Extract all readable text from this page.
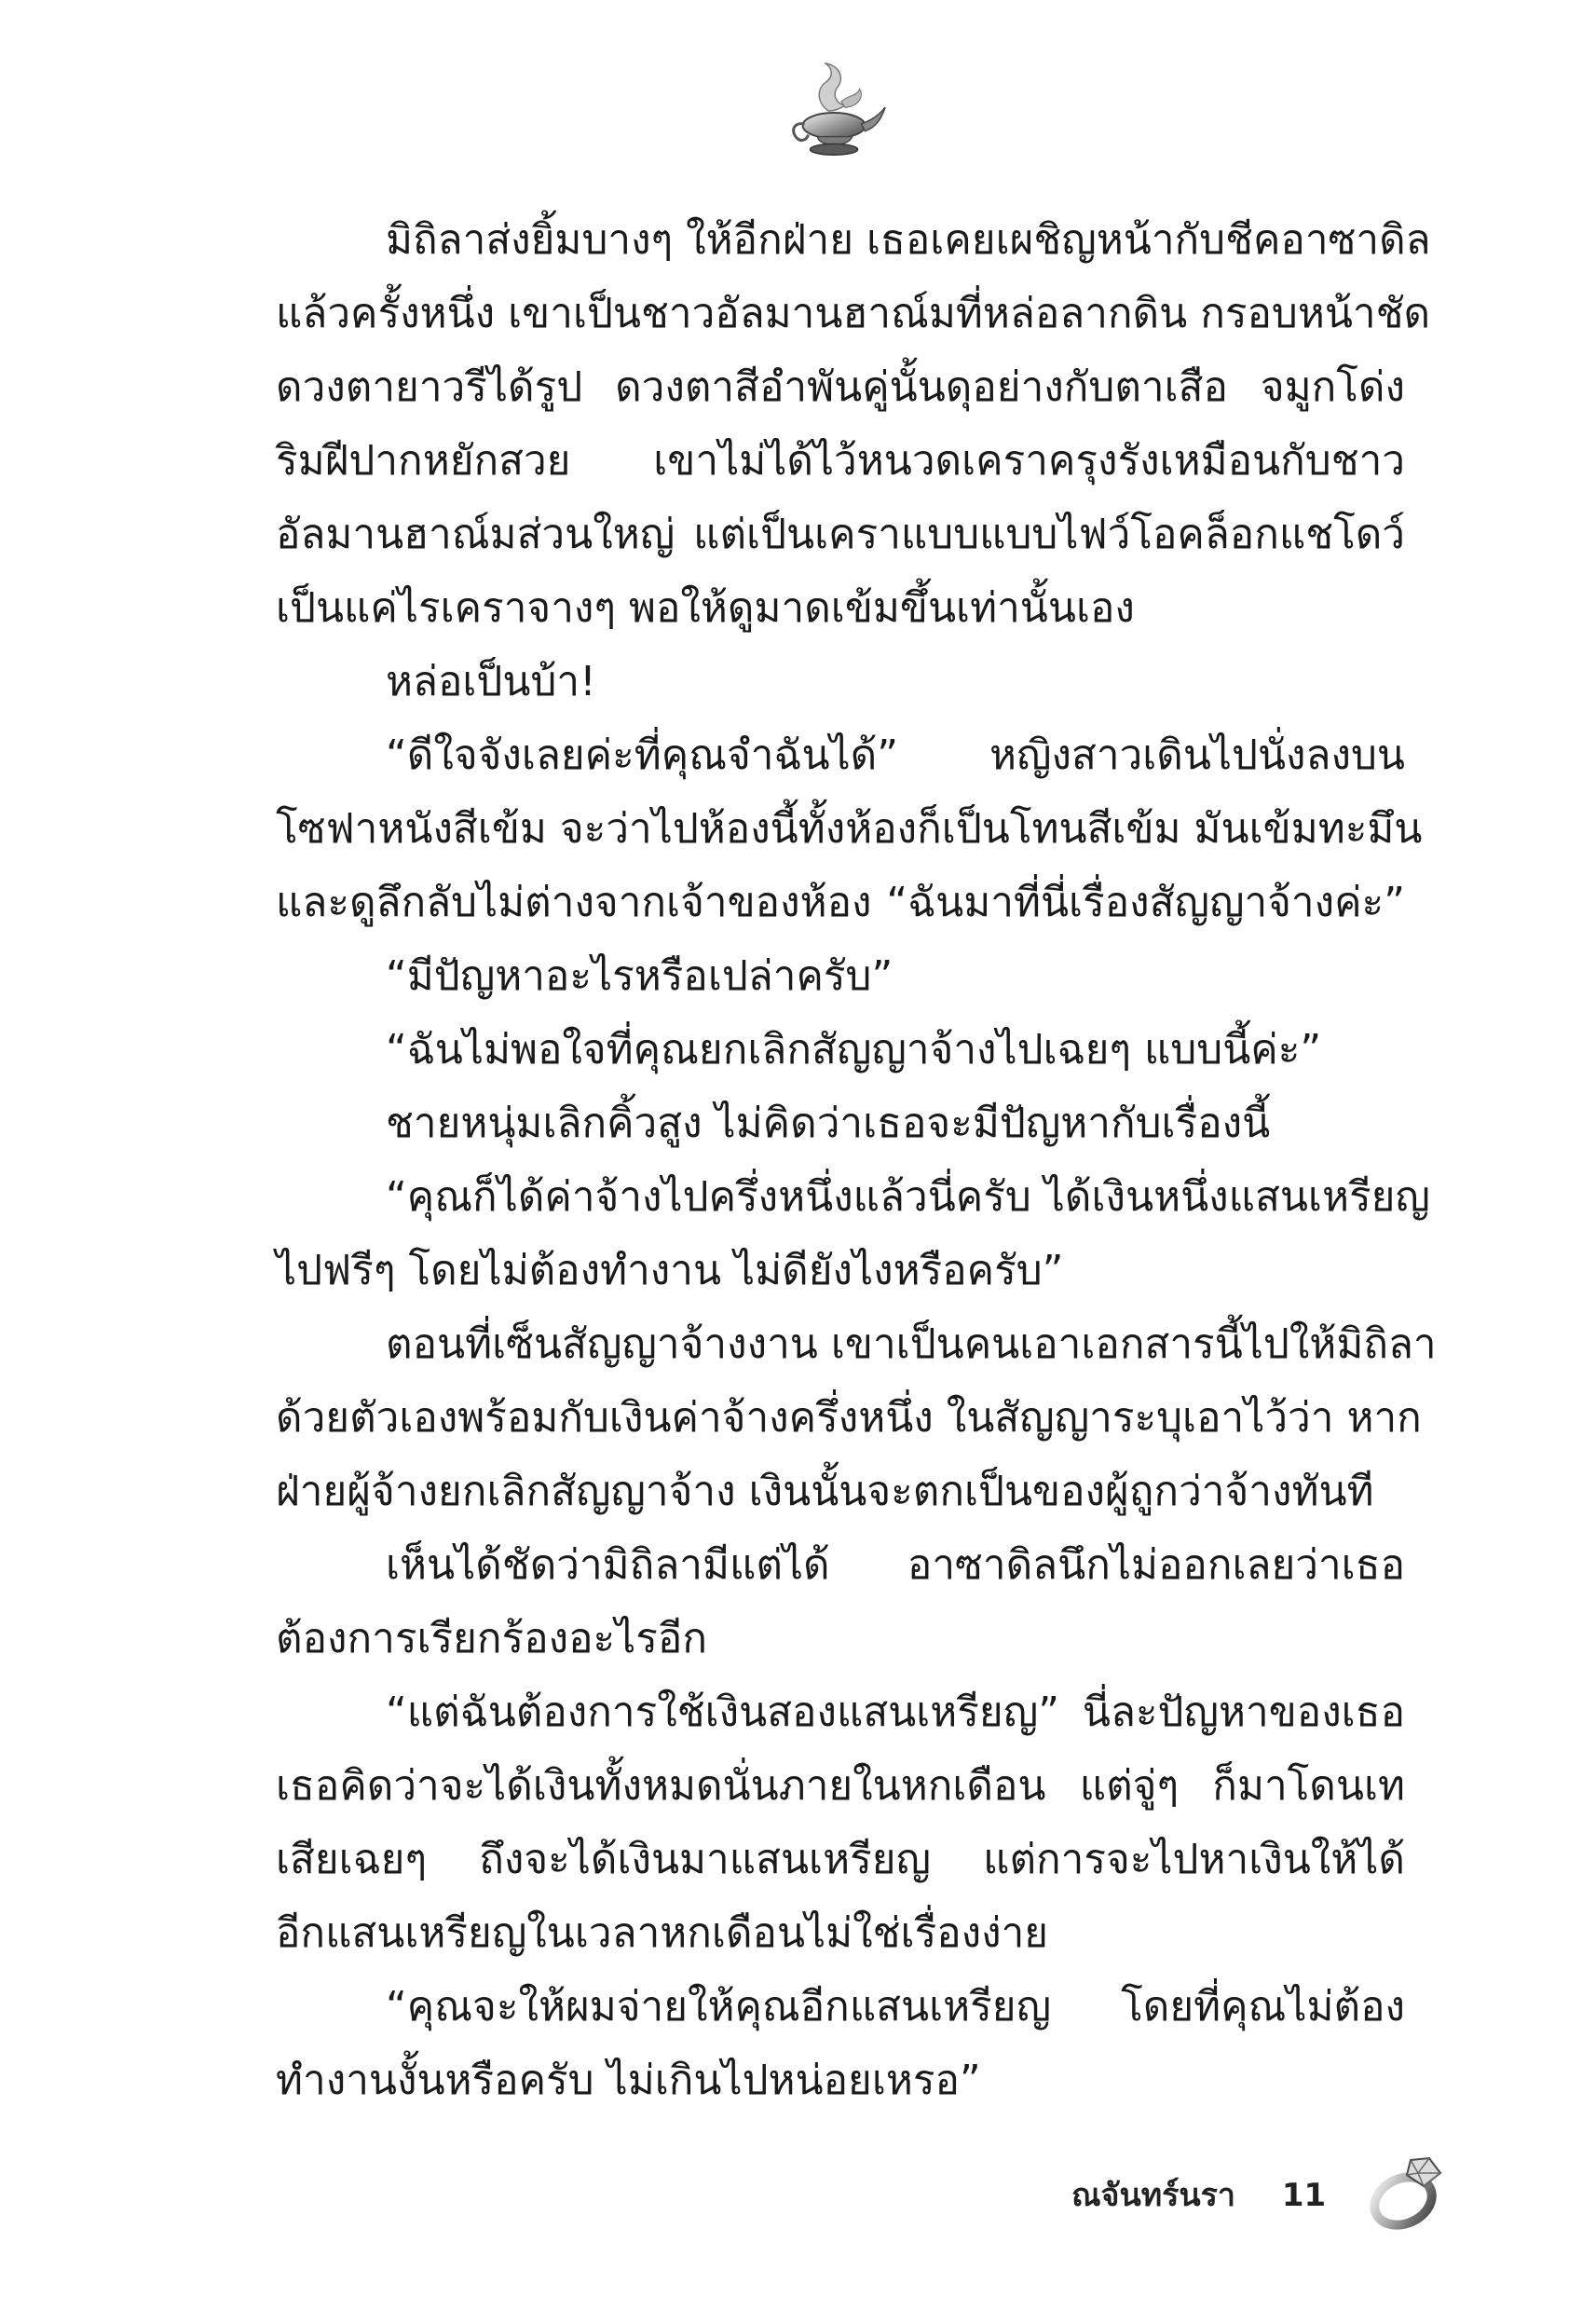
มิถิลาส่งยิ้มบางๆ ให้อีกฝ่าย เธอเคยเผชิญหน้ากับชีคอาซาดิล
แล้วครั้งหนึ่ง เขาเป็นชาวอัลมานฮาณ์มที่หล่อลากดิน กรอบหน้าชัด
ดวงตายาวรีได้รูป ดวงตาสีอำพันคู่นั้นดุอย่างกับตาเสือ จมูกโด่ง
ริมฝีปากหยักสวย เขาไม่ได้ไว้หนวดเคราครุงรังเหมือนกับชาว
อัลมานฮาณ์มส่วนใหญ่ แต่เป็นเคราแบบแบบไฟว์โอคล็อกแชโดว์
เป็นแค่ไรเคราจางๆ พอให้ดูมาดเข้มขึ้นเท่านั้นเอง
หล่อเป็นบ้า!
“ดีใจจังเลยค่ะที่คุณจำฉันได้” หญิงสาวเดินไปนั่งลงบน
โซฟาหนังสีเข้ม จะว่าไปห้องนี้ทั้งห้องก็เป็นโทนสีเข้ม มันเข้มทะมึน
และดูลึกลับไม่ต่างจากเจ้าของห้อง “ฉันมาที่นี่เรื่องสัญญาจ้างค่ะ”
“มีปัญหาอะไรหรือเปล่าครับ”
“ฉันไม่พอใจที่คุณยกเลิกสัญญาจ้างไปเฉยๆ แบบนี้ค่ะ”
ชายหนุ่มเลิกคิ้วสูง ไม่คิดว่าเธอจะมีปัญหากับเรื่องนี้
“คุณก็ได้ค่าจ้างไปครึ่งหนึ่งแล้วนี่ครับ ได้เงินหนึ่งแสนเหรียญ
ไปฟรีๆ โดยไม่ต้องทำงาน ไม่ดียังไงหรือครับ”
ตอนที่เซ็นสัญญาจ้างงาน เขาเป็นคนเอาเอกสารนี้ไปให้มิถิลา
ด้วยตัวเองพร้อมกับเงินค่าจ้างครึ่งหนึ่ง ในสัญญาระบุเอาไว้ว่า หาก
ฝ่ายผู้จ้างยกเลิกสัญญาจ้าง เงินนั้นจะตกเป็นของผู้ถูกว่าจ้างทันที
เห็นได้ชัดว่ามิถิลามีแต่ได้ อาซาดิลนึกไม่ออกเลยว่าเธอ
ต้องการเรียกร้องอะไรอีก
“แต่ฉันต้องการใช้เงินสองแสนเหรียญ” นี่ละปัญหาของเธอ
เธอคิดว่าจะได้เงินทั้งหมดนั่นภายในหกเดือน แต่จู่ๆ ก็มาโดนเท
เสียเฉยๆ ถึงจะได้เงินมาแสนเหรียญ แต่การจะไปหาเงินให้ได้
อีกแสนเหรียญในเวลาหกเดือนไม่ใช่เรื่องง่าย
“คุณจะให้ผมจ่ายให้คุณอีกแสนเหรียญ โดยที่คุณไม่ต้อง
ทำงานงั้นหรือครับ ไม่เกินไปหน่อยเหรอ”
ณจันทร์นรา 11
